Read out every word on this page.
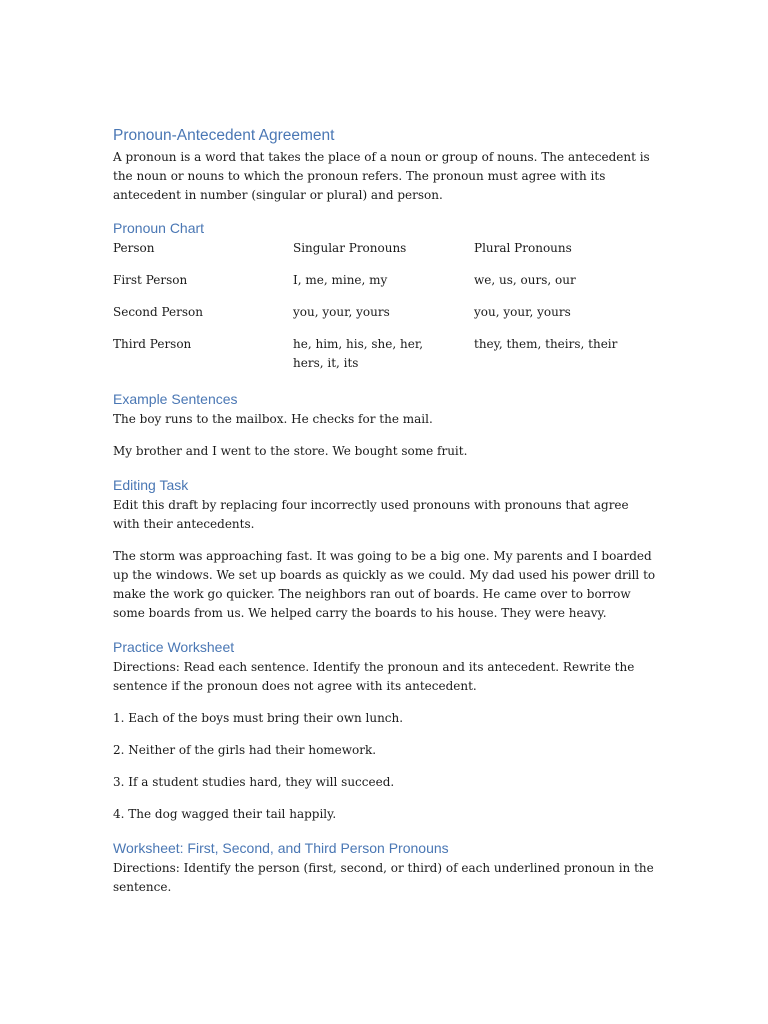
Pronoun-Antecedent Agreement

A pronoun is a word that takes the place of a noun or group of nouns. The antecedent is the noun or nouns to which the pronoun refers. The pronoun must agree with its antecedent in number (singular or plural) and person.

Pronoun Chart
Person	Singular Pronouns	Plural Pronouns
First Person	I, me, mine, my	we, us, ours, our
Second Person	you, your, yours	you, your, yours
Third Person	he, him, his, she, her, hers, it, its	they, them, theirs, their
Example Sentences

The boy runs to the mailbox. He checks for the mail.

My brother and I went to the store. We bought some fruit.

Editing Task

Edit this draft by replacing four incorrectly used pronouns with pronouns that agree with their antecedents.

The storm was approaching fast. It was going to be a big one. My parents and I boarded up the windows. We set up boards as quickly as we could. My dad used his power drill to make the work go quicker. The neighbors ran out of boards. He came over to borrow some boards from us. We helped carry the boards to his house. They were heavy.

Practice Worksheet

Directions: Read each sentence. Identify the pronoun and its antecedent. Rewrite the sentence if the pronoun does not agree with its antecedent.

1. Each of the boys must bring their own lunch.

2. Neither of the girls had their homework.

3. If a student studies hard, they will succeed.

4. The dog wagged their tail happily.

Worksheet: First, Second, and Third Person Pronouns

Directions: Identify the person (first, second, or third) of each underlined pronoun in the sentence.
